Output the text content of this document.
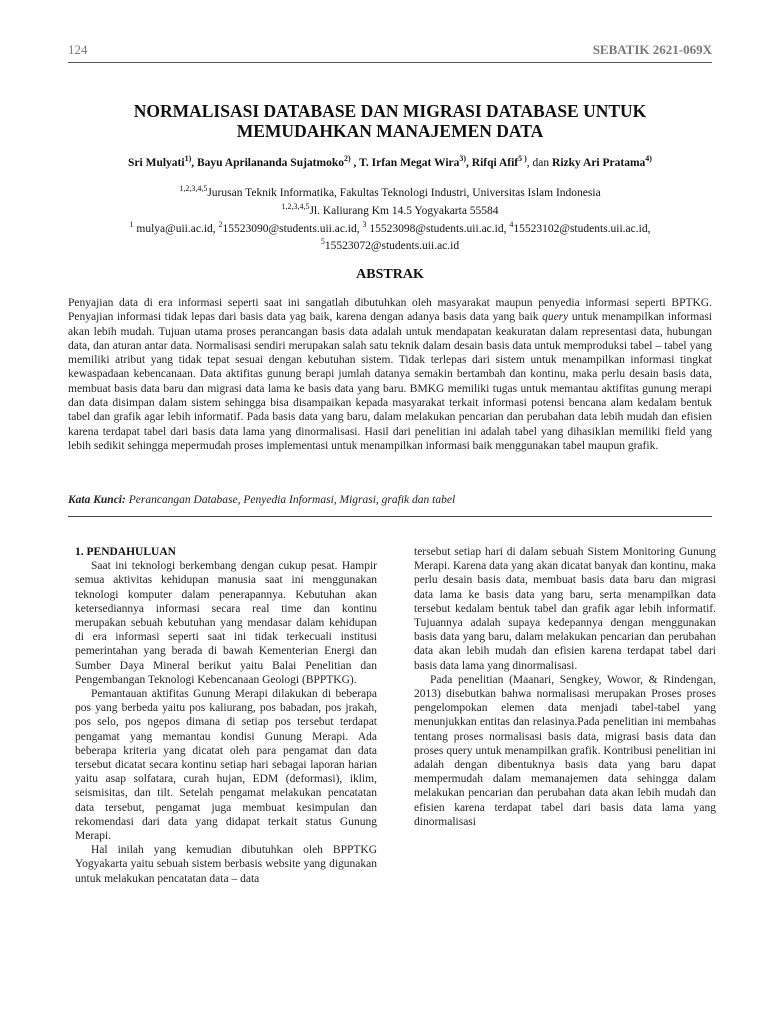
124	SEBATIK 2621-069X
NORMALISASI DATABASE DAN MIGRASI DATABASE UNTUK
MEMUDAHKAN MANAJEMEN DATA
Sri Mulyati$^{1)}$, Bayu Aprilananda Sujatmoko$^{2)}$ , T. Irfan Megat Wira$^{3)}$, Rifqi Afif$^{5 )}$, dan Rizky Ari Pratama$^{4)}$
$^{1,2,3,4,5}$Jurusan Teknik Informatika, Fakultas Teknologi Industri, Universitas Islam Indonesia
$^{1,2,3,4,5}$Jl. Kaliurang Km 14.5 Yogyakarta 55584
$^1$ mulya@uii.ac.id, $^2$15523090@students.uii.ac.id, $^3$ 15523098@students.uii.ac.id, $^4$15523102@students.uii.ac.id,
$^5$15523072@students.uii.ac.id
ABSTRAK
Penyajian data di era informasi seperti saat ini sangatlah dibutuhkan oleh masyarakat maupun penyedia informasi seperti BPTKG. Penyajian informasi tidak lepas dari basis data yag baik, karena dengan adanya basis data yang baik query untuk menampilkan informasi akan lebih mudah. Tujuan utama proses perancangan basis data adalah untuk mendapatan keakuratan dalam representasi data, hubungan data, dan aturan antar data. Normalisasi sendiri merupakan salah satu teknik dalam desain basis data untuk memproduksi tabel – tabel yang memiliki atribut yang tidak tepat sesuai dengan kebutuhan sistem. Tidak terlepas dari sistem untuk menampilkan informasi tingkat kewaspadaan kebencanaan. Data aktifitas gunung berapi jumlah datanya semakin bertambah dan kontinu, maka perlu desain basis data, membuat basis data baru dan migrasi data lama ke basis data yang baru. BMKG memiliki tugas untuk memantau aktifitas gunung merapi dan data disimpan dalam sistem sehingga bisa disampaikan kepada masyarakat terkait informasi potensi bencana alam kedalam bentuk tabel dan grafik agar lebih informatif. Pada basis data yang baru, dalam melakukan pencarian dan perubahan data lebih mudah dan efisien karena terdapat tabel dari basis data lama yang dinormalisasi. Hasil dari penelitian ini adalah tabel yang dihasiklan memiliki field yang lebih sedikit sehingga mepermudah proses implementasi untuk menampilkan informasi baik menggunakan tabel maupun grafik.
Kata Kunci: Perancangan Database, Penyedia Informasi, Migrasi, grafik dan tabel
1. PENDAHULUAN

Saat ini teknologi berkembang dengan cukup pesat. Hampir semua aktivitas kehidupan manusia saat ini menggunakan teknologi komputer dalam penerapannya. Kebutuhan akan ketersediannya informasi secara real time dan kontinu merupakan sebuah kebutuhan yang mendasar dalam kehidupan di era informasi seperti saat ini tidak terkecuali institusi pemerintahan yang berada di bawah Kementerian Energi dan Sumber Daya Mineral berikut yaitu Balai Penelitian dan Pengembangan Teknologi Kebencanaan Geologi (BPPTKG).

Pemantauan aktifitas Gunung Merapi dilakukan di beberapa pos yang berbeda yaitu pos kaliurang, pos babadan, pos jrakah, pos selo, pos ngepos dimana di setiap pos tersebut terdapat pengamat yang memantau kondisi Gunung Merapi. Ada beberapa kriteria yang dicatat oleh para pengamat dan data tersebut dicatat secara kontinu setiap hari sebagai laporan harian yaitu asap solfatara, curah hujan, EDM (deformasi), iklim, seismisitas, dan tilt. Setelah pengamat melakukan pencatatan data tersebut, pengamat juga membuat kesimpulan dan rekomendasi dari data yang didapat terkait status Gunung Merapi.

Hal inilah yang kemudian dibutuhkan oleh BPPTKG Yogyakarta yaitu sebuah sistem berbasis website yang digunakan untuk melakukan pencatatan data – data

tersebut setiap hari di dalam sebuah Sistem Monitoring Gunung Merapi. Karena data yang akan dicatat banyak dan kontinu, maka perlu desain basis data, membuat basis data baru dan migrasi data lama ke basis data yang baru, serta menampilkan data tersebut kedalam bentuk tabel dan grafik agar lebih informatif. Tujuannya adalah supaya kedepannya dengan menggunakan basis data yang baru, dalam melakukan pencarian dan perubahan data akan lebih mudah dan efisien karena terdapat tabel dari basis data lama yang dinormalisasi.

Pada penelitian (Maanari, Sengkey, Wowor, & Rindengan, 2013) disebutkan bahwa normalisasi merupakan Proses proses pengelompokan elemen data menjadi tabel-tabel yang menunjukkan entitas dan relasinya.Pada penelitian ini membahas tentang proses normalisasi basis data, migrasi basis data dan proses query untuk menampilkan grafik. Kontribusi penelitian ini adalah dengan dibentuknya basis data yang baru dapat mempermudah dalam memanajemen data sehingga dalam melakukan pencarian dan perubahan data akan lebih mudah dan efisien karena terdapat tabel dari basis data lama yang dinormalisasi
